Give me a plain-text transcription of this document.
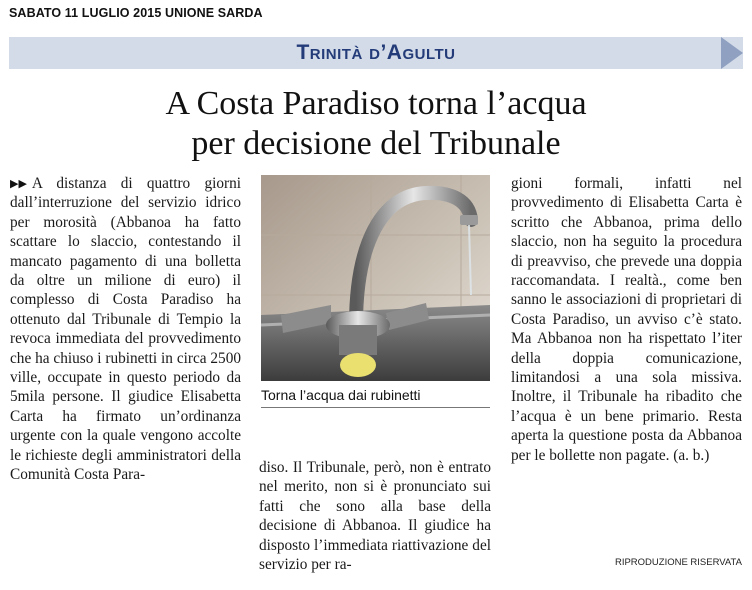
SABATO 11 LUGLIO 2015 UNIONE SARDA
Trinità d’Agultu
A Costa Paradiso torna l’acqua
per decisione del Tribunale

▶▶ A distanza di quattro giorni dall’interruzione del servizio idrico per morosità (Abbanoa ha fatto scattare lo slaccio, contestando il mancato pagamento di una bolletta da oltre un milione di euro) il complesso di Costa Paradiso ha ottenuto dal Tribunale di Tempio la revoca immediata del provvedimento che ha chiuso i rubinetti in circa 2500 ville, occupate in questo periodo da 5mila persone. Il giudice Elisabetta Carta ha firmato un’ordinanza urgente con la quale vengono accolte le richieste degli amministratori della Comunità Costa Para-

Torna l’acqua dai rubinetti

diso. Il Tribunale, però, non è entrato nel merito, non si è pronunciato sui fatti che sono alla base della decisione di Abbanoa. Il giudice ha disposto l’immediata riattivazione del servizio per ra-

gioni formali, infatti nel provvedimento di Elisabetta Carta è scritto che Abbanoa, prima dello slaccio, non ha seguito la procedura di preavviso, che prevede una doppia raccomandata. I realtà., come ben sanno le associazioni di proprietari di Costa Paradiso, un avviso c’è stato. Ma Abbanoa non ha rispettato l’iter della doppia comunicazione, limitandosi a una sola missiva. Inoltre, il Tribunale ha ribadito che l’acqua è un bene primario. Resta aperta la questione posta da Abbanoa per le bollette non pagate. (a. b.)

RIPRODUZIONE RISERVATA
